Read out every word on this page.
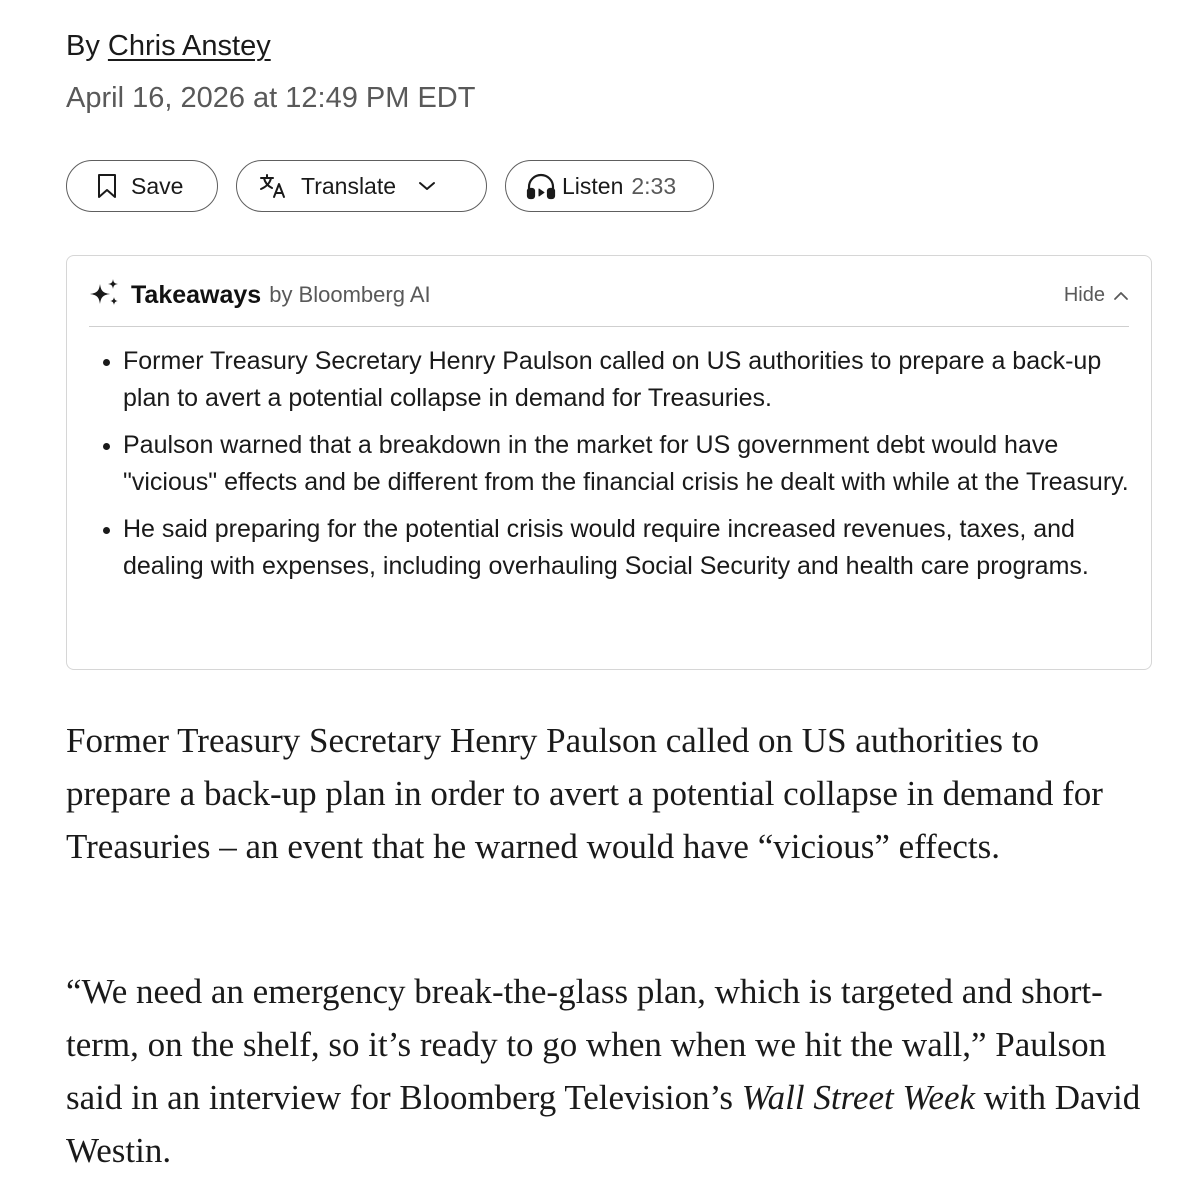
By Chris Anstey
April 16, 2026 at 12:49 PM EDT
Save	Translate	Listen 2:33
Takeaways by Bloomberg AI	Hide
Former Treasury Secretary Henry Paulson called on US authorities to prepare a back-up plan to avert a potential collapse in demand for Treasuries.
Paulson warned that a breakdown in the market for US government debt would have "vicious" effects and be different from the financial crisis he dealt with while at the Treasury.
He said preparing for the potential crisis would require increased revenues, taxes, and dealing with expenses, including overhauling Social Security and health care programs.

Former Treasury Secretary Henry Paulson called on US authorities to prepare a back-up plan in order to avert a potential collapse in demand for Treasuries – an event that he warned would have “vicious” effects.

“We need an emergency break-the-glass plan, which is targeted and short-term, on the shelf, so it’s ready to go when when we hit the wall,” Paulson said in an interview for Bloomberg Television’s Wall Street Week with David Westin.
